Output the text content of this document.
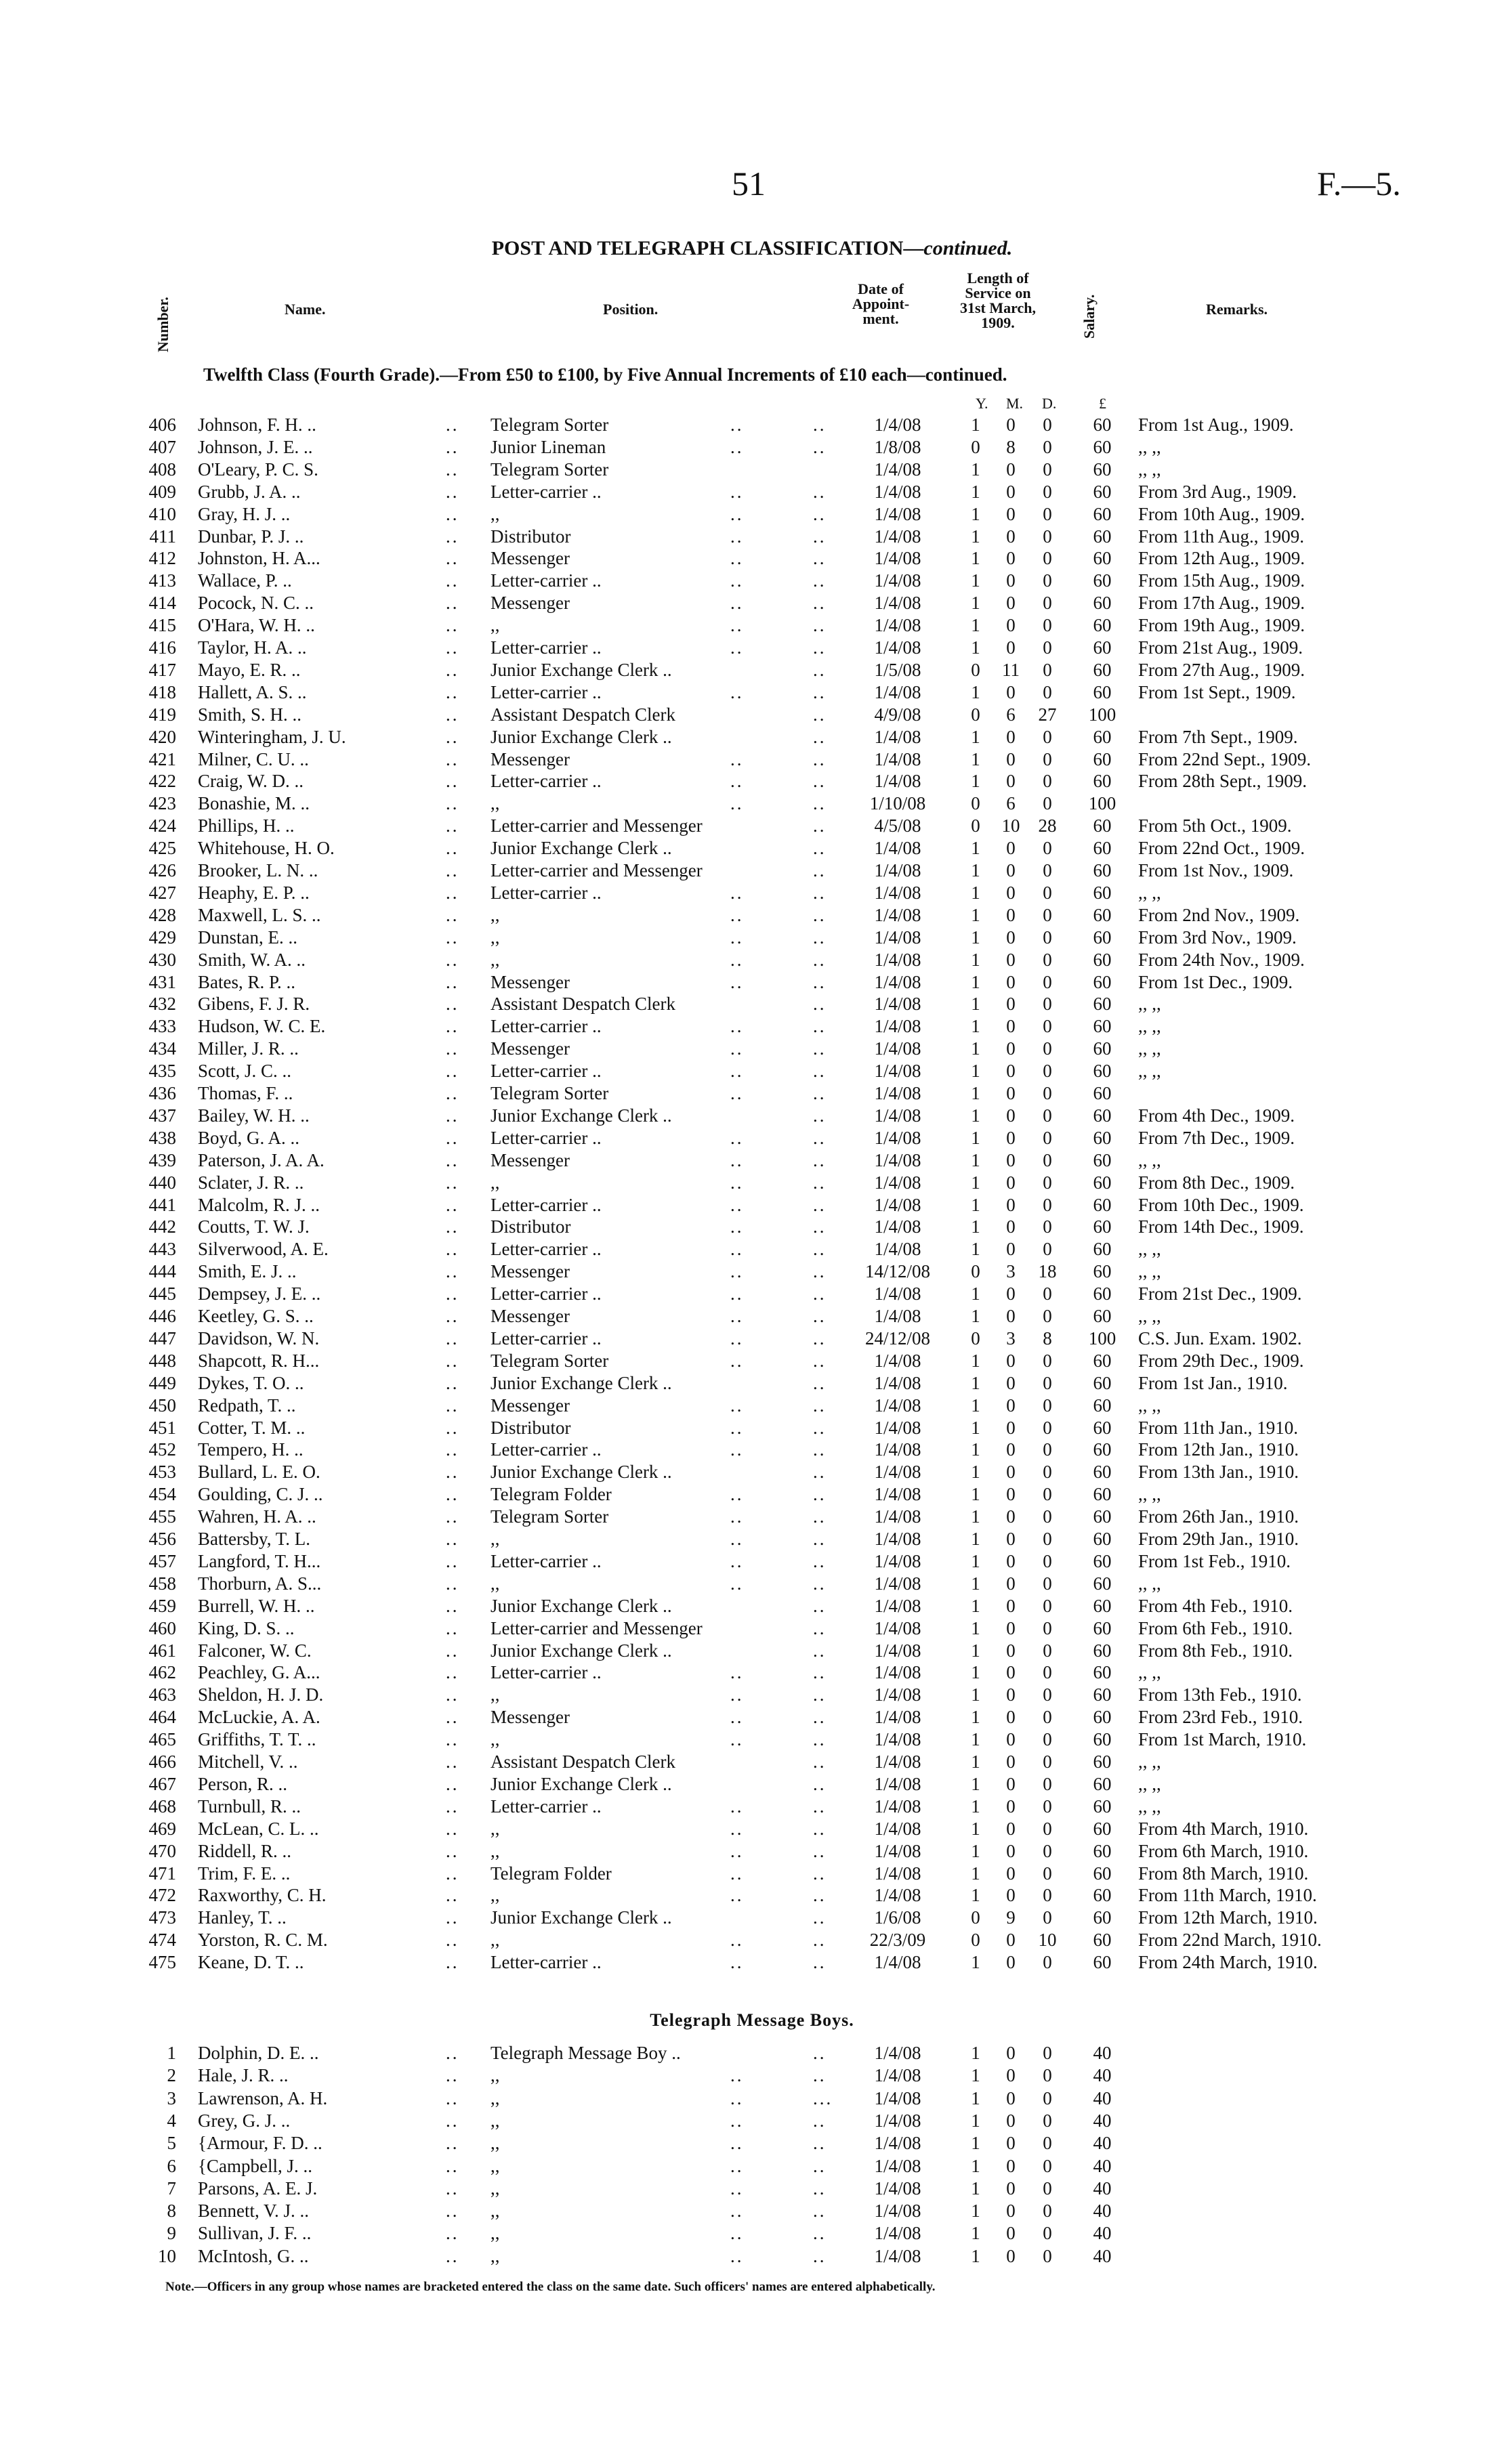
51	F.—5.
POST AND TELEGRAPH CLASSIFICATION—continued.
Number.	Name.	Position.
Date of
Appoint-
ment.
Length of
Service on
31st March,
1909.	Salary.	Remarks.
Twelfth Class (Fourth Grade).—From £50 to £100, by Five Annual Increments of £10 each—continued.
Y. M. D.	£
406 Johnson, F. H. ..	.. Telegram Sorter	..	..	1/4/08	1	0	0	60	From 1st Aug., 1909.
407 Johnson, J. E. ..	.. Junior Lineman	..	..	1/8/08	0	8	0	60	,, ,,
408 O'Leary, P. C. S.	.. Telegram Sorter	1/4/08	1	0	0	60	,, ,,
409 Grubb, J. A. ..	.. Letter-carrier ..	..	..	1/4/08	1	0	0	60	From 3rd Aug., 1909.
410 Gray, H. J. ..	.. ,,	..	..	1/4/08	1	0	0	60	From 10th Aug., 1909.
411 Dunbar, P. J. ..	.. Distributor	..	..	1/4/08	1	0	0	60	From 11th Aug., 1909.
412 Johnston, H. A...	.. Messenger	..	..	1/4/08	1	0	0	60	From 12th Aug., 1909.
413 Wallace, P. ..	.. Letter-carrier ..	..	..	1/4/08	1	0	0	60	From 15th Aug., 1909.
414 Pocock, N. C. ..	.. Messenger	..	..	1/4/08	1	0	0	60	From 17th Aug., 1909.
415 O'Hara, W. H. ..	.. ,,	..	..	1/4/08	1	0	0	60	From 19th Aug., 1909.
416 Taylor, H. A. ..	.. Letter-carrier ..	..	..	1/4/08	1	0	0	60	From 21st Aug., 1909.
417 Mayo, E. R. ..	.. Junior Exchange Clerk ..	..	1/5/08	0	11	0	60	From 27th Aug., 1909.
418 Hallett, A. S. ..	.. Letter-carrier ..	..	..	1/4/08	1	0	0	60	From 1st Sept., 1909.
419 Smith, S. H. ..	.. Assistant Despatch Clerk	..	4/9/08	0	6	27	100
420 Winteringham, J. U.	.. Junior Exchange Clerk ..	..	1/4/08	1	0	0	60	From 7th Sept., 1909.
421 Milner, C. U. ..	.. Messenger	..	..	1/4/08	1	0	0	60	From 22nd Sept., 1909.
422 Craig, W. D. ..	.. Letter-carrier ..	..	..	1/4/08	1	0	0	60	From 28th Sept., 1909.
423 Bonashie, M. ..	.. ,,	..	..	1/10/08	0	6	0	100
424 Phillips, H. ..	.. Letter-carrier and Messenger	..	4/5/08	0	10	28	60	From 5th Oct., 1909.
425 Whitehouse, H. O.	.. Junior Exchange Clerk ..	..	1/4/08	1	0	0	60	From 22nd Oct., 1909.
426 Brooker, L. N. ..	.. Letter-carrier and Messenger	..	1/4/08	1	0	0	60	From 1st Nov., 1909.
427 Heaphy, E. P. ..	.. Letter-carrier ..	..	..	1/4/08	1	0	0	60	,, ,,
428 Maxwell, L. S. ..	.. ,,	..	..	1/4/08	1	0	0	60	From 2nd Nov., 1909.
429 Dunstan, E. ..	.. ,,	..	..	1/4/08	1	0	0	60	From 3rd Nov., 1909.
430 Smith, W. A. ..	.. ,,	..	..	1/4/08	1	0	0	60	From 24th Nov., 1909.
431 Bates, R. P. ..	.. Messenger	..	..	1/4/08	1	0	0	60	From 1st Dec., 1909.
432 Gibens, F. J. R.	.. Assistant Despatch Clerk	..	1/4/08	1	0	0	60	,, ,,
433 Hudson, W. C. E.	.. Letter-carrier ..	..	..	1/4/08	1	0	0	60	,, ,,
434 Miller, J. R. ..	.. Messenger	..	..	1/4/08	1	0	0	60	,, ,,
435 Scott, J. C. ..	.. Letter-carrier ..	..	..	1/4/08	1	0	0	60	,, ,,
436 Thomas, F. ..	.. Telegram Sorter	..	..	1/4/08	1	0	0	60
437 Bailey, W. H. ..	.. Junior Exchange Clerk ..	..	1/4/08	1	0	0	60	From 4th Dec., 1909.
438 Boyd, G. A. ..	.. Letter-carrier ..	..	..	1/4/08	1	0	0	60	From 7th Dec., 1909.
439 Paterson, J. A. A.	.. Messenger	..	..	1/4/08	1	0	0	60	,, ,,
440 Sclater, J. R. ..	.. ,,	..	..	1/4/08	1	0	0	60	From 8th Dec., 1909.
441 Malcolm, R. J. ..	.. Letter-carrier ..	..	..	1/4/08	1	0	0	60	From 10th Dec., 1909.
442 Coutts, T. W. J.	.. Distributor	..	..	1/4/08	1	0	0	60	From 14th Dec., 1909.
443 Silverwood, A. E.	.. Letter-carrier ..	..	..	1/4/08	1	0	0	60	,, ,,
444 Smith, E. J. ..	.. Messenger	..	..	14/12/08	0	3	18	60	,, ,,
445 Dempsey, J. E. ..	.. Letter-carrier ..	..	..	1/4/08	1	0	0	60	From 21st Dec., 1909.
446 Keetley, G. S. ..	.. Messenger	..	..	1/4/08	1	0	0	60	,, ,,
447 Davidson, W. N.	.. Letter-carrier ..	..	..	24/12/08	0	3	8	100	C.S. Jun. Exam. 1902.
448 Shapcott, R. H...	.. Telegram Sorter	..	..	1/4/08	1	0	0	60	From 29th Dec., 1909.
449 Dykes, T. O. ..	.. Junior Exchange Clerk ..	..	1/4/08	1	0	0	60	From 1st Jan., 1910.
450 Redpath, T. ..	.. Messenger	..	..	1/4/08	1	0	0	60	,, ,,
451 Cotter, T. M. ..	.. Distributor	..	..	1/4/08	1	0	0	60	From 11th Jan., 1910.
452 Tempero, H. ..	.. Letter-carrier ..	..	..	1/4/08	1	0	0	60	From 12th Jan., 1910.
453 Bullard, L. E. O.	.. Junior Exchange Clerk ..	..	1/4/08	1	0	0	60	From 13th Jan., 1910.
454 Goulding, C. J. ..	.. Telegram Folder	..	..	1/4/08	1	0	0	60	,, ,,
455 Wahren, H. A. ..	.. Telegram Sorter	..	..	1/4/08	1	0	0	60	From 26th Jan., 1910.
456 Battersby, T. L.	.. ,,	..	..	1/4/08	1	0	0	60	From 29th Jan., 1910.
457 Langford, T. H...	.. Letter-carrier ..	..	..	1/4/08	1	0	0	60	From 1st Feb., 1910.
458 Thorburn, A. S...	.. ,,	..	..	1/4/08	1	0	0	60	,, ,,
459 Burrell, W. H. ..	.. Junior Exchange Clerk ..	..	1/4/08	1	0	0	60	From 4th Feb., 1910.
460 King, D. S. ..	.. Letter-carrier and Messenger	..	1/4/08	1	0	0	60	From 6th Feb., 1910.
461 Falconer, W. C.	.. Junior Exchange Clerk ..	..	1/4/08	1	0	0	60	From 8th Feb., 1910.
462 Peachley, G. A...	.. Letter-carrier ..	..	..	1/4/08	1	0	0	60	,, ,,
463 Sheldon, H. J. D.	.. ,,	..	..	1/4/08	1	0	0	60	From 13th Feb., 1910.
464 McLuckie, A. A.	.. Messenger	..	..	1/4/08	1	0	0	60	From 23rd Feb., 1910.
465 Griffiths, T. T. ..	.. ,,	..	..	1/4/08	1	0	0	60	From 1st March, 1910.
466 Mitchell, V. ..	.. Assistant Despatch Clerk	..	1/4/08	1	0	0	60	,, ,,
467 Person, R. ..	.. Junior Exchange Clerk ..	..	1/4/08	1	0	0	60	,, ,,
468 Turnbull, R. ..	.. Letter-carrier ..	..	..	1/4/08	1	0	0	60	,, ,,
469 McLean, C. L. ..	.. ,,	..	..	1/4/08	1	0	0	60	From 4th March, 1910.
470 Riddell, R. ..	.. ,,	..	..	1/4/08	1	0	0	60	From 6th March, 1910.
471 Trim, F. E. ..	.. Telegram Folder	..	..	1/4/08	1	0	0	60	From 8th March, 1910.
472 Raxworthy, C. H.	.. ,,	..	..	1/4/08	1	0	0	60	From 11th March, 1910.
473 Hanley, T. ..	.. Junior Exchange Clerk ..	..	1/6/08	0	9	0	60	From 12th March, 1910.
474 Yorston, R. C. M.	.. ,,	..	..	22/3/09	0	0	10	60	From 22nd March, 1910.
475 Keane, D. T. ..	.. Letter-carrier ..	..	..	1/4/08	1	0	0	60	From 24th March, 1910.
Telegraph Message Boys.
1 Dolphin, D. E. ..	.. Telegraph Message Boy ..	..	1/4/08	1	0	0	40
2 Hale, J. R. ..	.. ,,	..	..	1/4/08	1	0	0	40
3 Lawrenson, A. H.	.. ,,	..	...	1/4/08	1	0	0	40
4 Grey, G. J. ..	.. ,,	..	..	1/4/08	1	0	0	40
5 {Armour, F. D. ..	.. ,,	..	..	1/4/08	1	0	0	40
6 {Campbell, J. ..	.. ,,	..	..	1/4/08	1	0	0	40
7 Parsons, A. E. J.	.. ,,	..	..	1/4/08	1	0	0	40
8 Bennett, V. J. ..	.. ,,	..	..	1/4/08	1	0	0	40
9 Sullivan, J. F. ..	.. ,,	..	..	1/4/08	1	0	0	40
10 McIntosh, G. ..	.. ,,	..	..	1/4/08	1	0	0	40
Note.—Officers in any group whose names are bracketed entered the class on the same date. Such officers' names are entered alphabetically.
